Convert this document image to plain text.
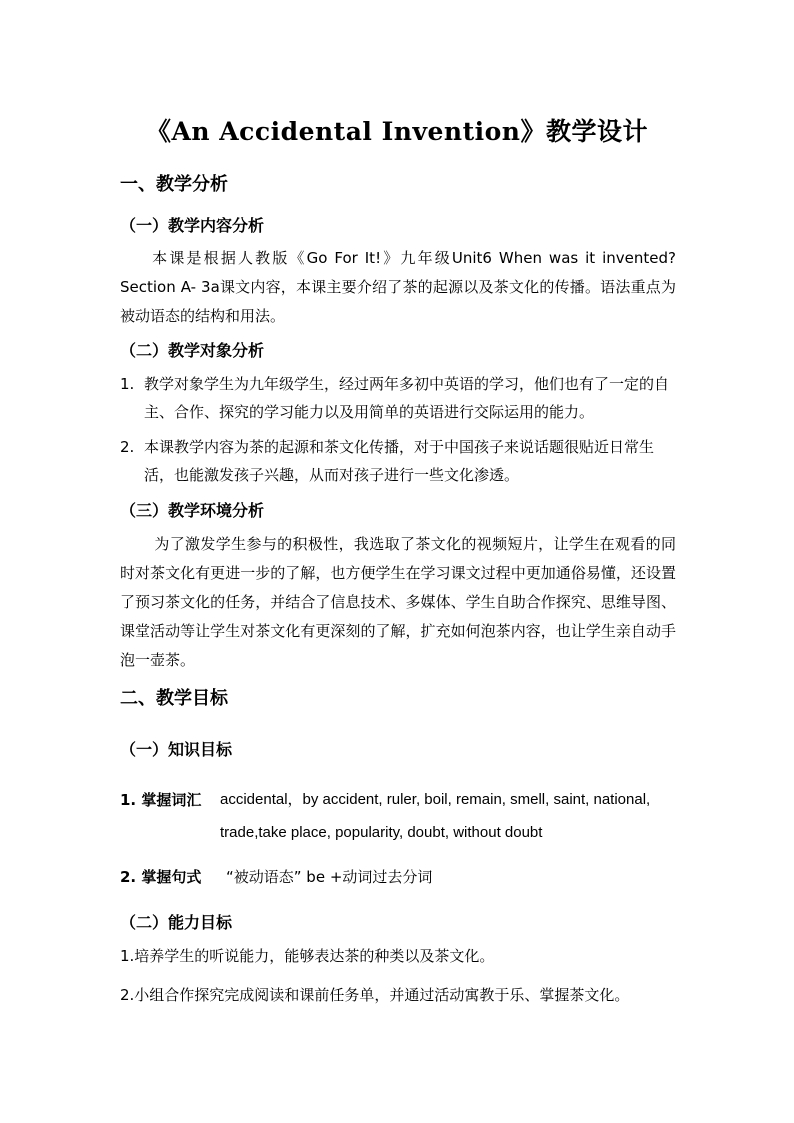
《An Accidental Invention》教学设计
一、教学分析
（一）教学内容分析
本课是根据人教版《Go For It!》九年级Unit6 When was it invented? Section A- 3a课文内容，本课主要介绍了茶的起源以及茶文化的传播。语法重点为被动语态的结构和用法。
（二）教学对象分析
1. 教学对象学生为九年级学生，经过两年多初中英语的学习，他们也有了一定的自主、合作、探究的学习能力以及用简单的英语进行交际运用的能力。
2. 本课教学内容为茶的起源和茶文化传播，对于中国孩子来说话题很贴近日常生活，也能激发孩子兴趣，从而对孩子进行一些文化渗透。
（三）教学环境分析
为了激发学生参与的积极性，我选取了茶文化的视频短片，让学生在观看的同时对茶文化有更进一步的了解，也方便学生在学习课文过程中更加通俗易懂，还设置了预习茶文化的任务，并结合了信息技术、多媒体、学生自助合作探究、思维导图、课堂活动等让学生对茶文化有更深刻的了解，扩充如何泡茶内容，也让学生亲自动手泡一壶茶。
二、教学目标
（一）知识目标
1. 掌握词汇 accidental，by accident, ruler, boil, remain, smell, saint, national, trade,take place, popularity, doubt, without doubt
2. 掌握句式 “被动语态” be +动词过去分词
（二）能力目标
1.培养学生的听说能力，能够表达茶的种类以及茶文化。
2.小组合作探究完成阅读和课前任务单，并通过活动寓教于乐、掌握茶文化。
